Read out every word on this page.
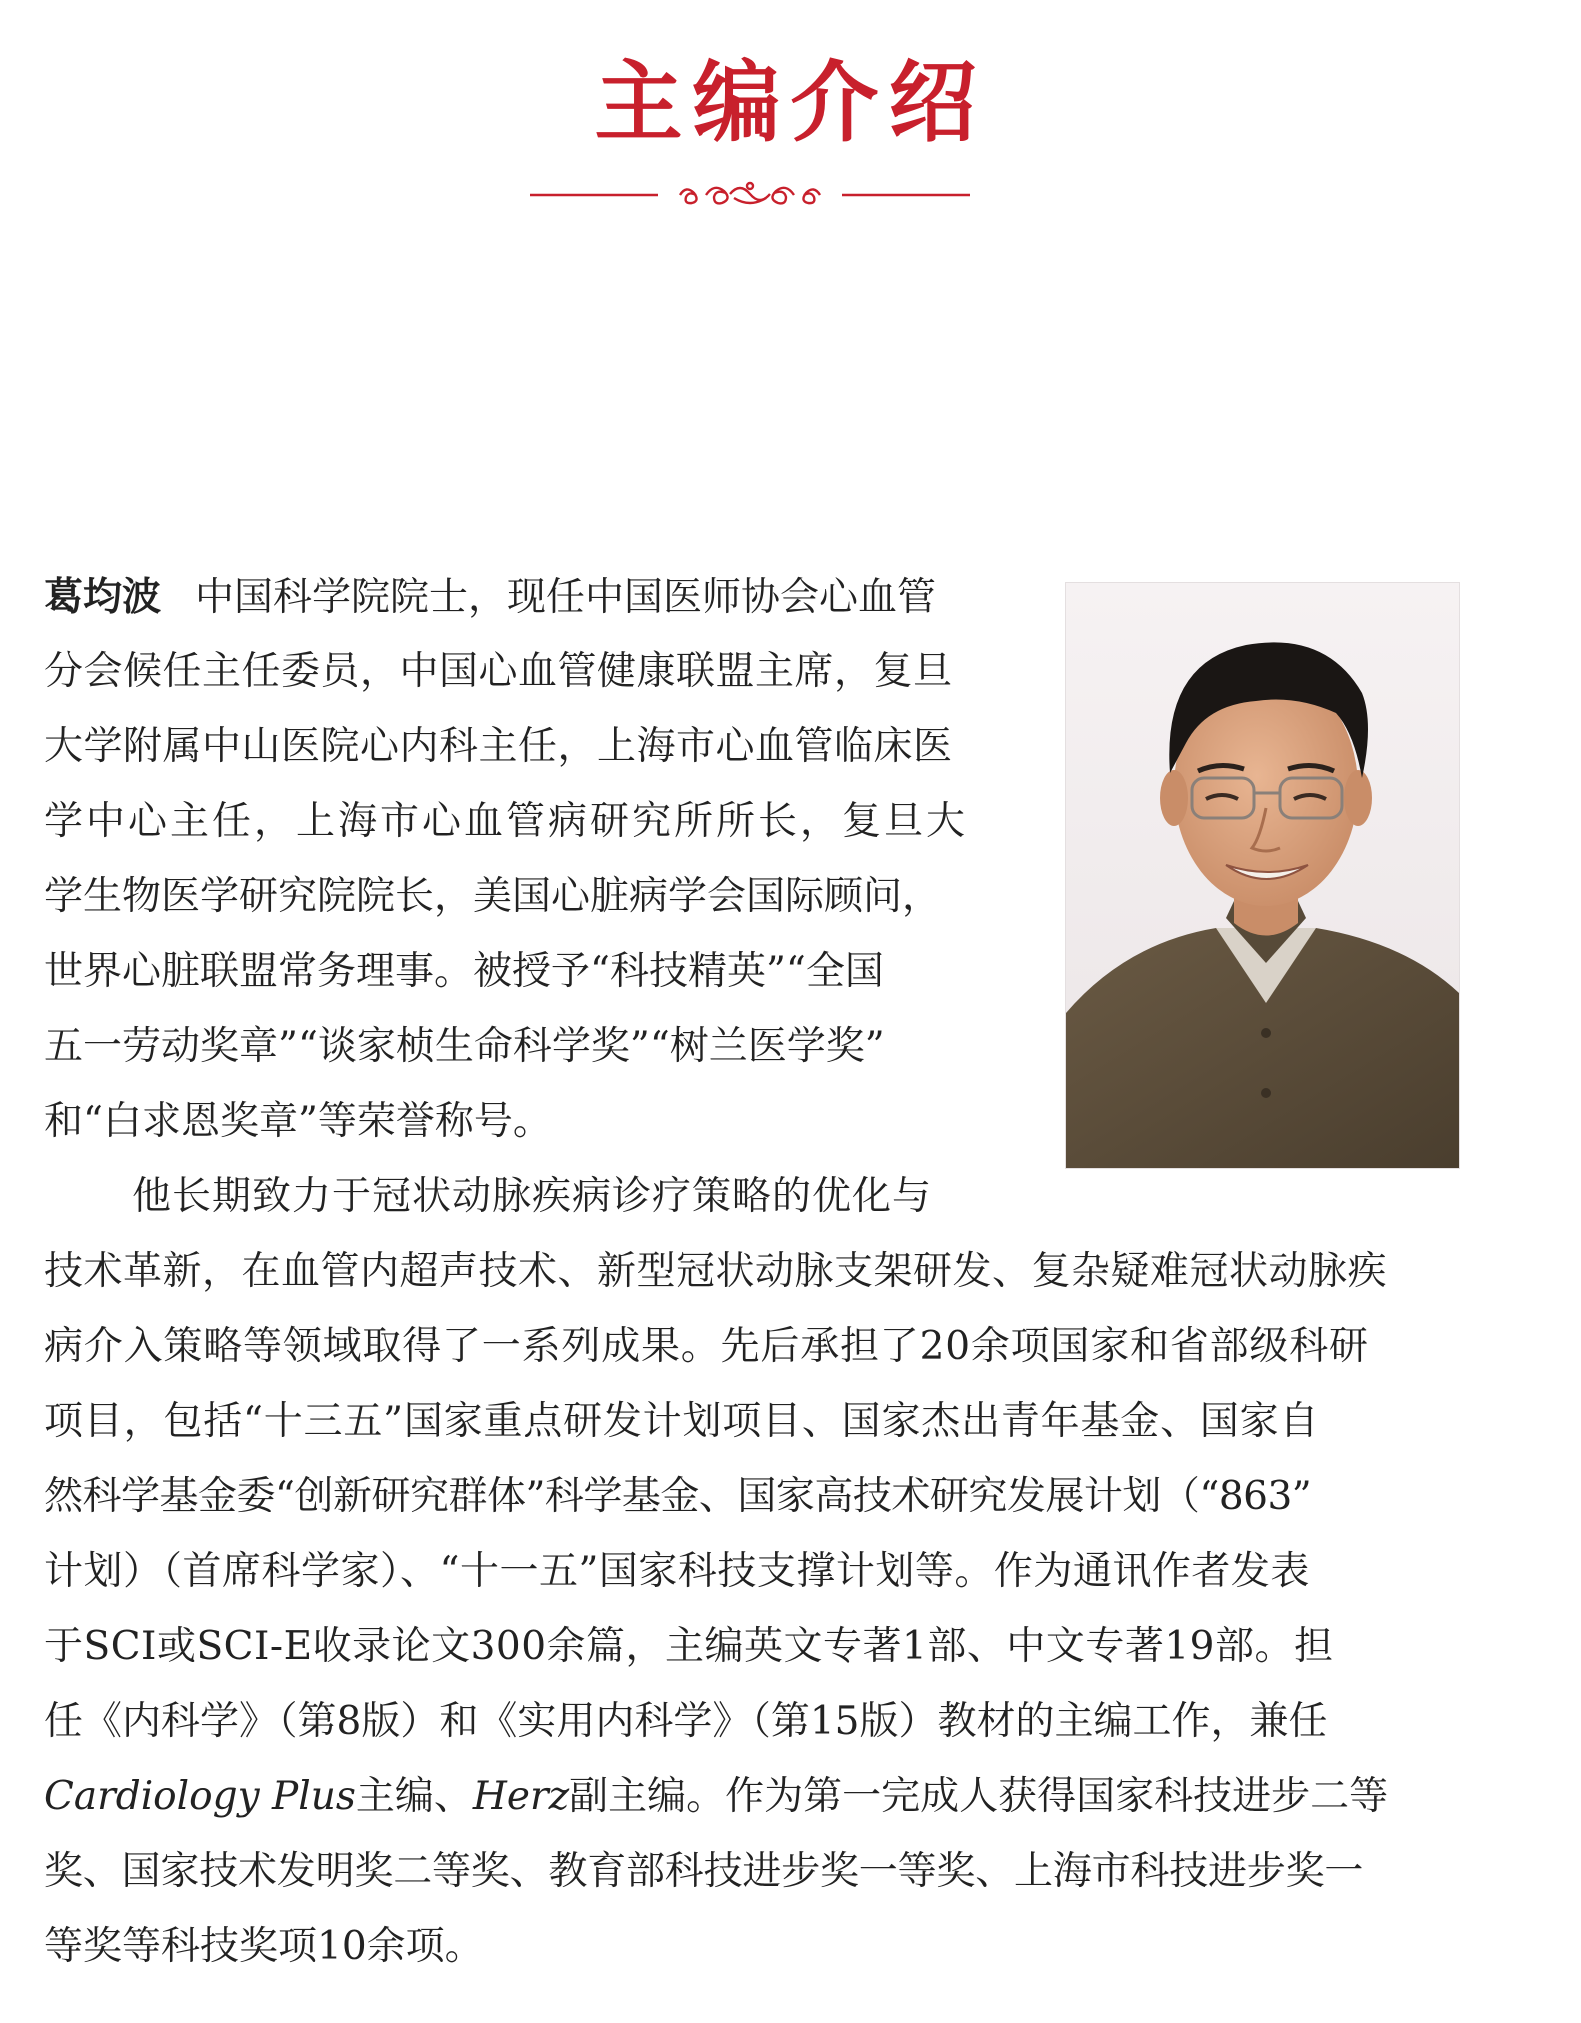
主编介绍
葛均波 中国科学院院士，现任中国医师协会心血管
分会候任主任委员，中国心血管健康联盟主席，复旦
大学附属中山医院心内科主任，上海市心血管临床医
学中心主任，上海市心血管病研究所所长，复旦大
学生物医学研究院院长，美国心脏病学会国际顾问，
世界心脏联盟常务理事。被授予“科技精英”“全国
五一劳动奖章”“谈家桢生命科学奖”“树兰医学奖”
和“白求恩奖章”等荣誉称号。
他长期致力于冠状动脉疾病诊疗策略的优化与
技术革新，在血管内超声技术、新型冠状动脉支架研发、复杂疑难冠状动脉疾
病介入策略等领域取得了一系列成果。先后承担了20余项国家和省部级科研
项目，包括“十三五”国家重点研发计划项目、国家杰出青年基金、国家自
然科学基金委“创新研究群体”科学基金、国家高技术研究发展计划（“863”
计划）（首席科学家）、“十一五”国家科技支撑计划等。作为通讯作者发表
于SCI或SCI-E收录论文300余篇，主编英文专著1部、中文专著19部。担
任《内科学》（第8版）和《实用内科学》（第15版）教材的主编工作，兼任
Cardiology Plus主编、Herz副主编。作为第一完成人获得国家科技进步二等
奖、国家技术发明奖二等奖、教育部科技进步奖一等奖、上海市科技进步奖一
等奖等科技奖项10余项。
